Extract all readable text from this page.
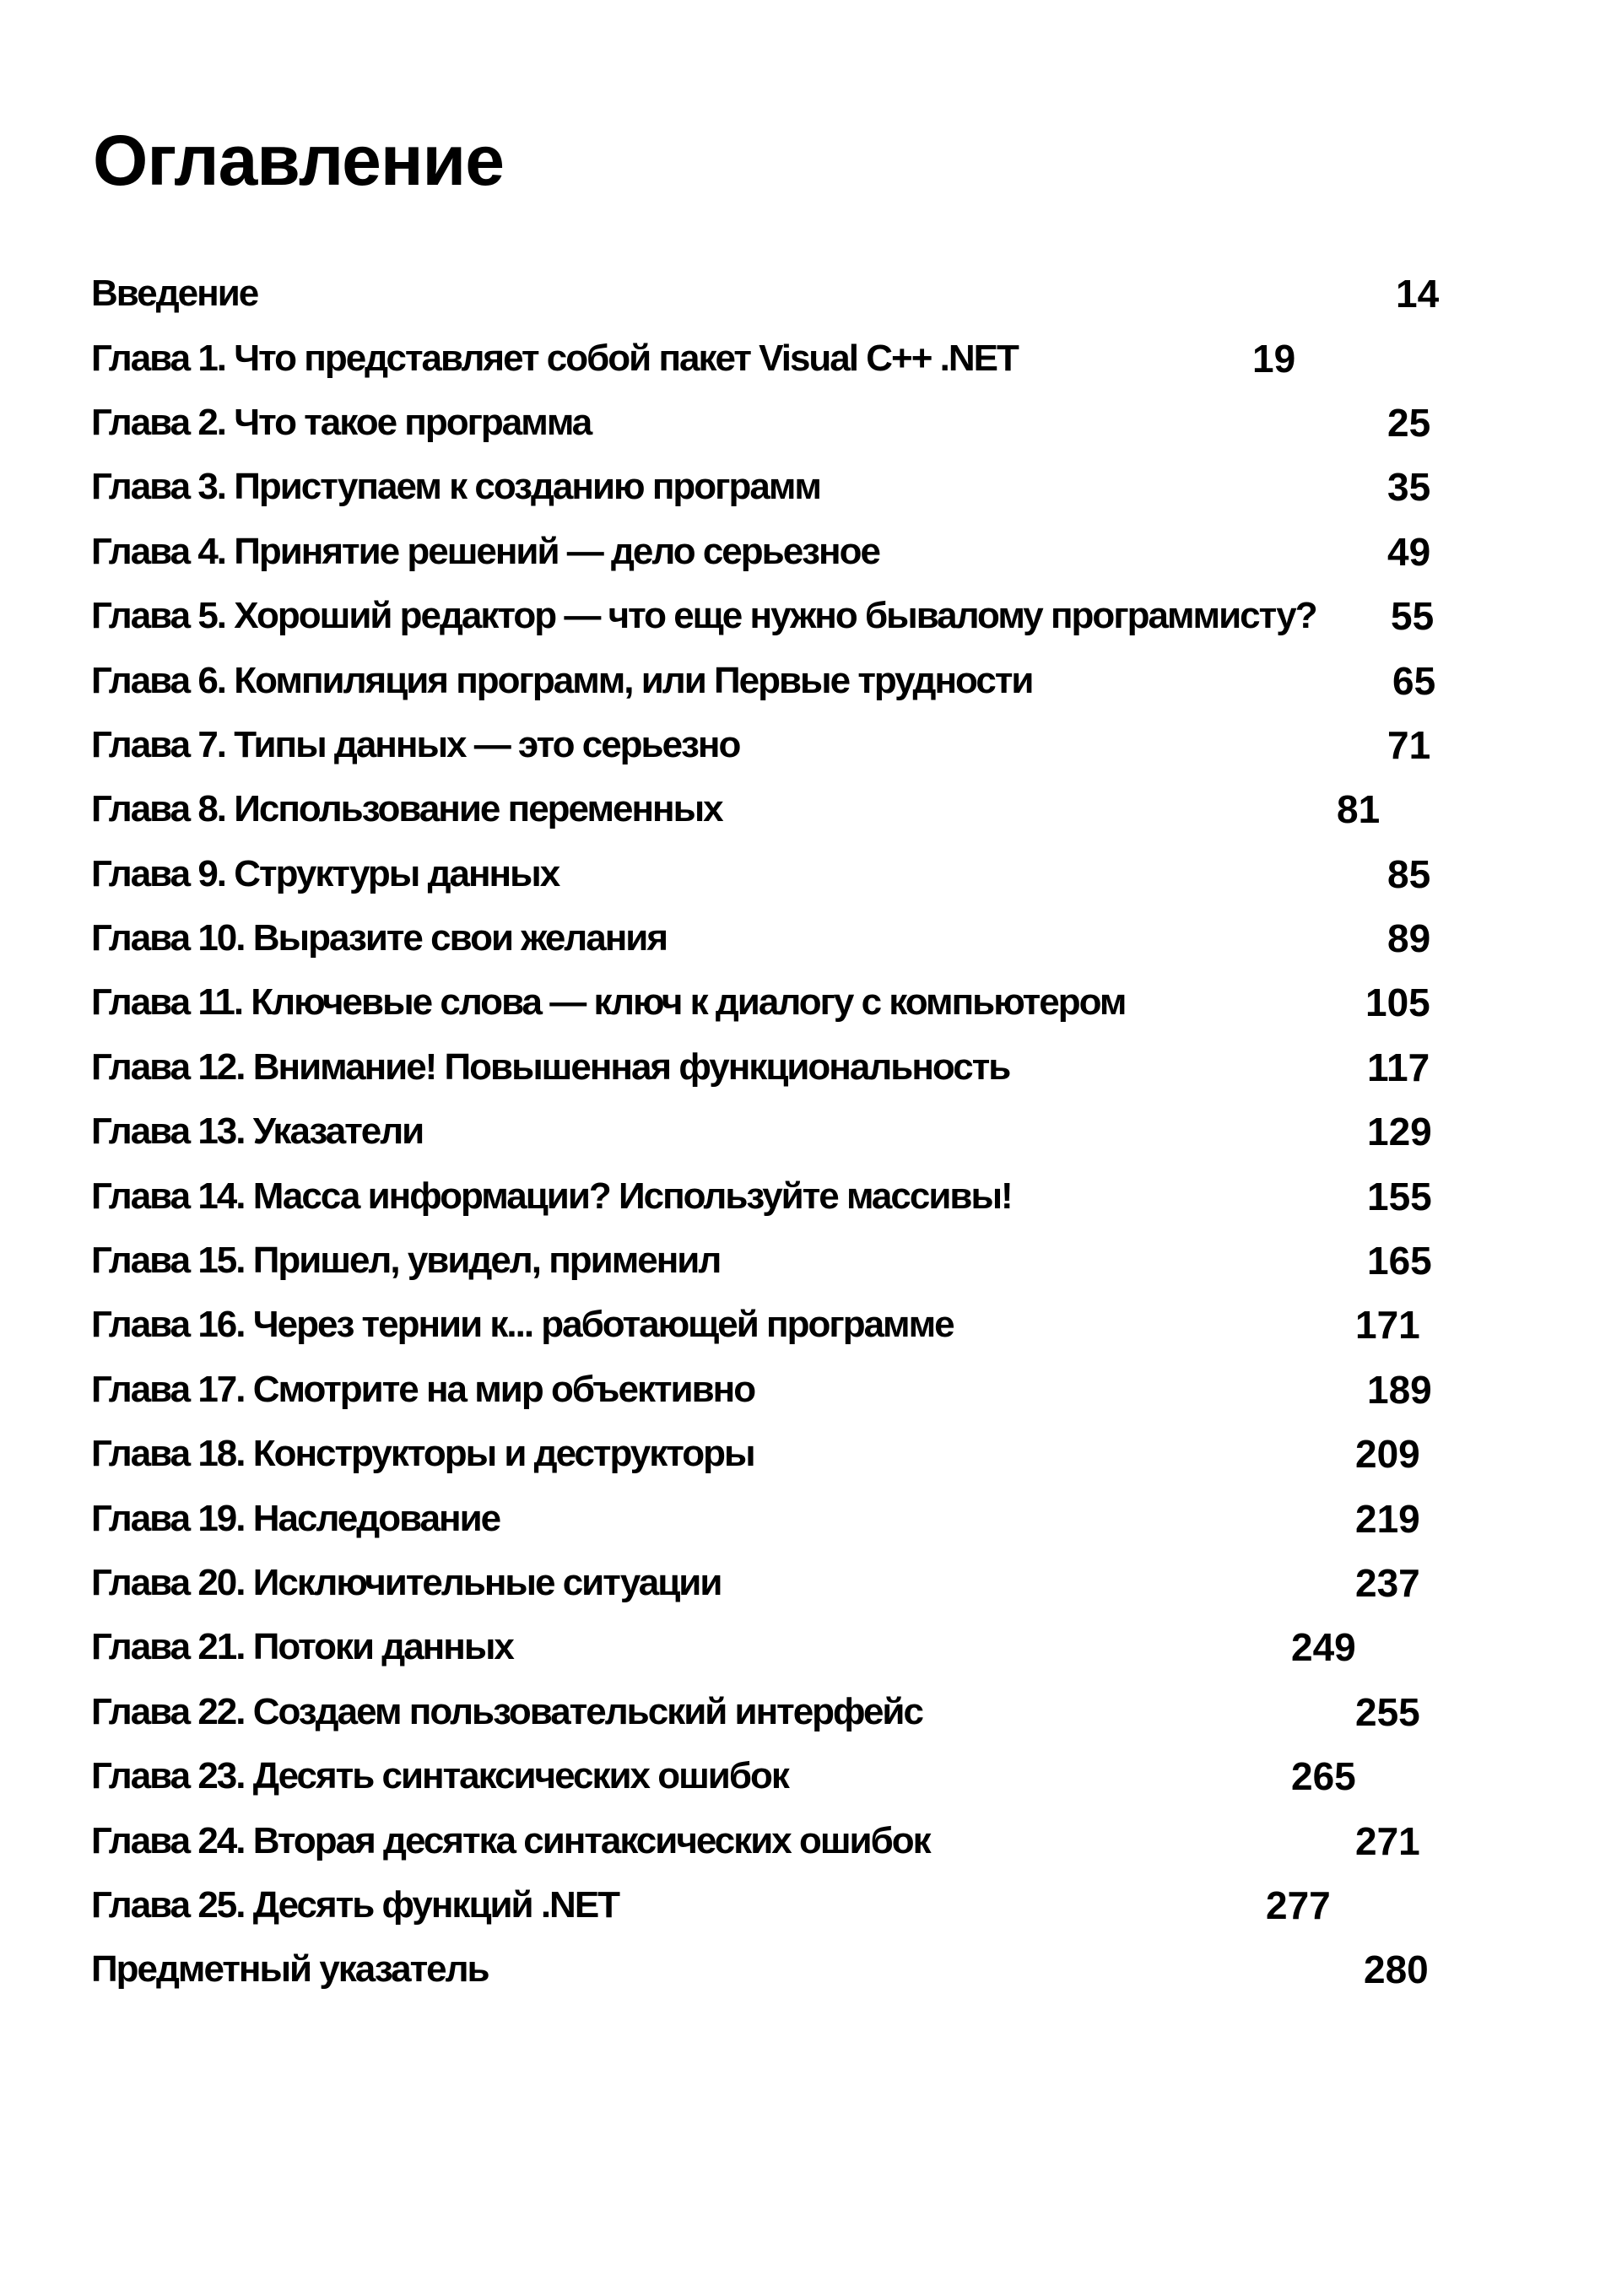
Оглавление
Введение	14
Глава 1. Что представляет собой пакет Visual C++ .NET	19
Глава 2. Что такое программа	25
Глава 3. Приступаем к созданию программ	35
Глава 4. Принятие решений — дело серьезное	49
Глава 5. Хороший редактор — что еще нужно бывалому программисту? 55
Глава 6. Компиляция программ, или Первые трудности	65
Глава 7. Типы данных — это серьезно	71
Глава 8. Использование переменных	81
Глава 9. Структуры данных	85
Глава 10. Выразите свои желания	89
Глава 11. Ключевые слова — ключ к диалогу с компьютером	105
Глава 12. Внимание! Повышенная функциональность	117
Глава 13. Указатели	129
Глава 14. Масса информации? Используйте массивы!	155
Глава 15. Пришел, увидел, применил	165
Глава 16. Через тернии к... работающей программе	171
Глава 17. Смотрите на мир объективно	189
Глава 18. Конструкторы и деструкторы	209
Глава 19. Наследование	219
Глава 20. Исключительные ситуации	237
Глава 21. Потоки данных	249
Глава 22. Создаем пользовательский интерфейс	255
Глава 23. Десять синтаксических ошибок	265
Глава 24. Вторая десятка синтаксических ошибок	271
Глава 25. Десять функций .NET	277
Предметный указатель	280
